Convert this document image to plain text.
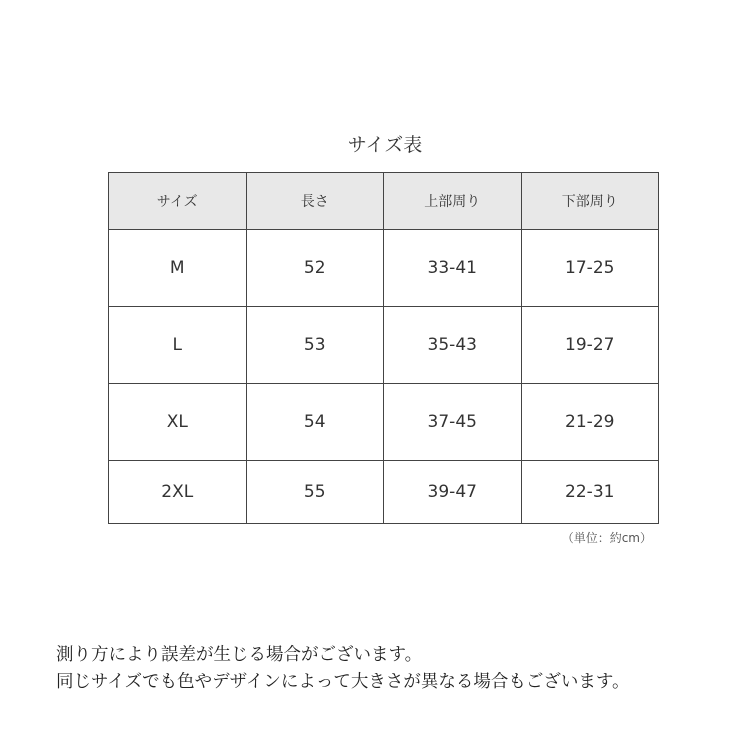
サイズ表
サイズ	長さ	上部周り	下部周り
M	52	33-41	17-25
L	53	35-43	19-27
XL	54	37-45	21-29
2XL	55	39-47	22-31
（単位：約cm）
測り方により誤差が生じる場合がございます。
同じサイズでも色やデザインによって大きさが異なる場合もございます。
